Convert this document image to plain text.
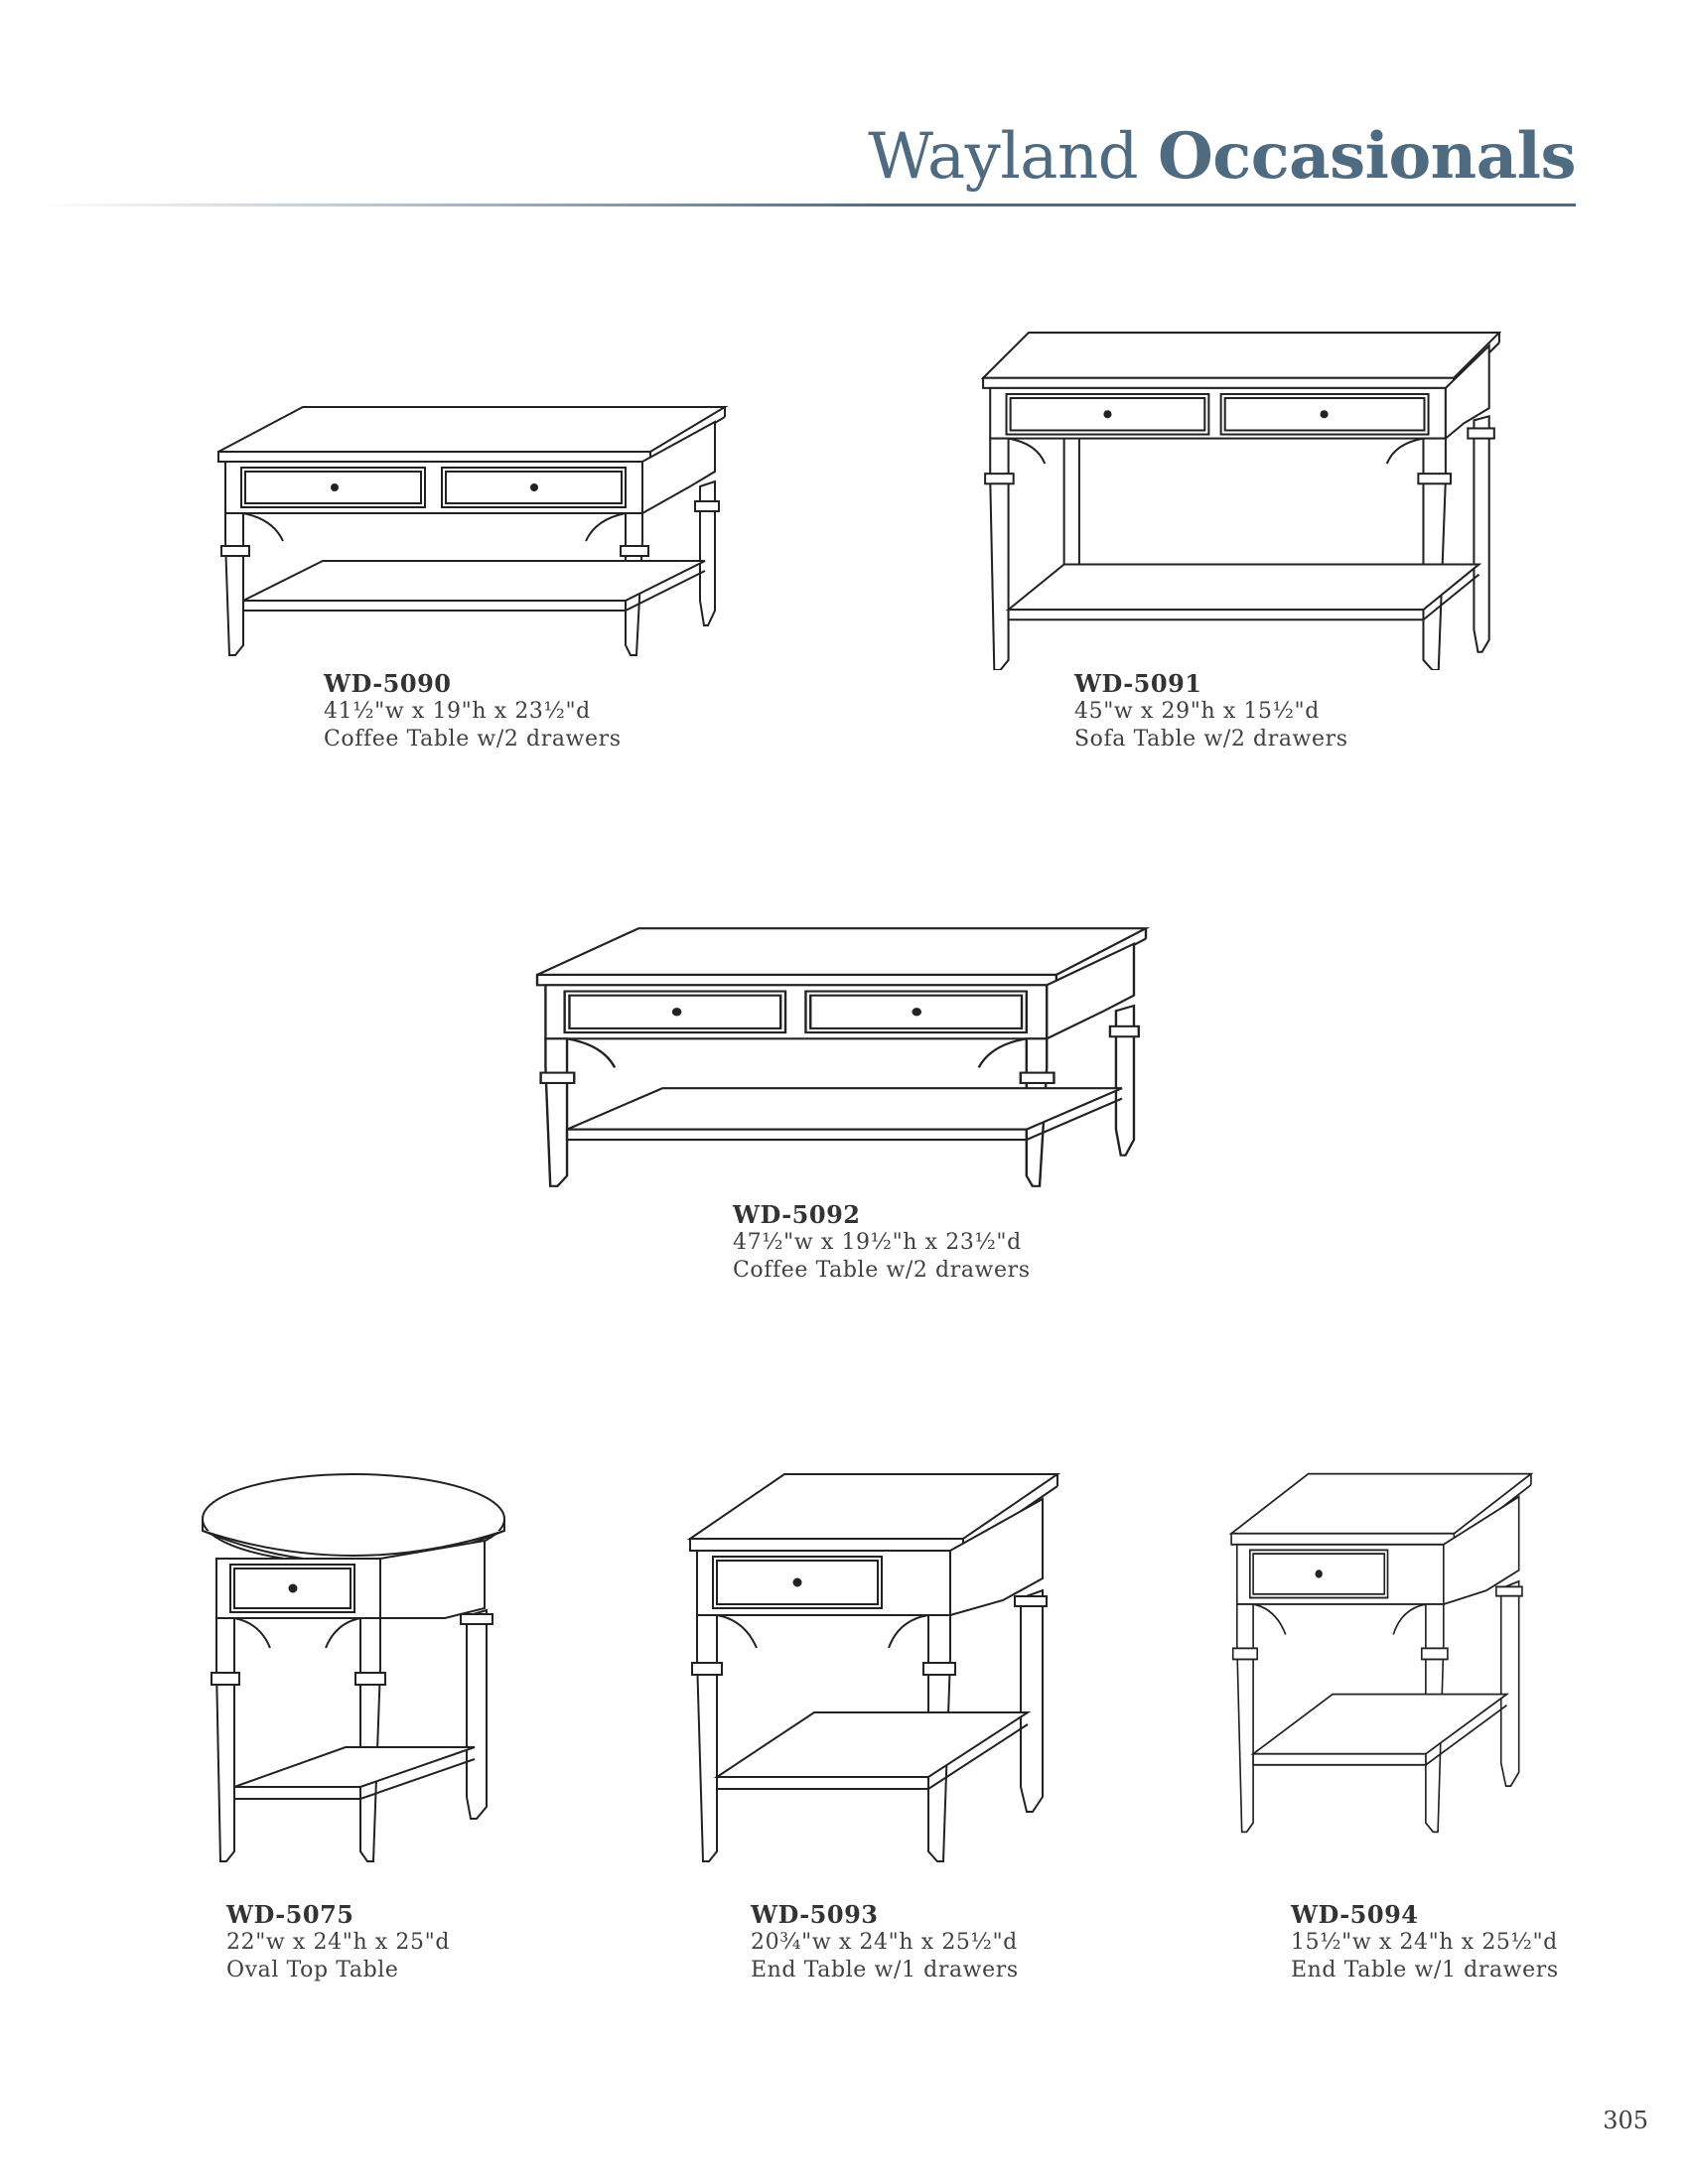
Wayland Occasionals
WD-5090
41½"w x 19"h x 23½"d
Coffee Table w/2 drawers
WD-5091
45"w x 29"h x 15½"d
Sofa Table w/2 drawers
WD-5092
47½"w x 19½"h x 23½"d
Coffee Table w/2 drawers
WD-5075
22"w x 24"h x 25"d
Oval Top Table
WD-5093
20¾"w x 24"h x 25½"d
End Table w/1 drawers
WD-5094
15½"w x 24"h x 25½"d
End Table w/1 drawers
305
